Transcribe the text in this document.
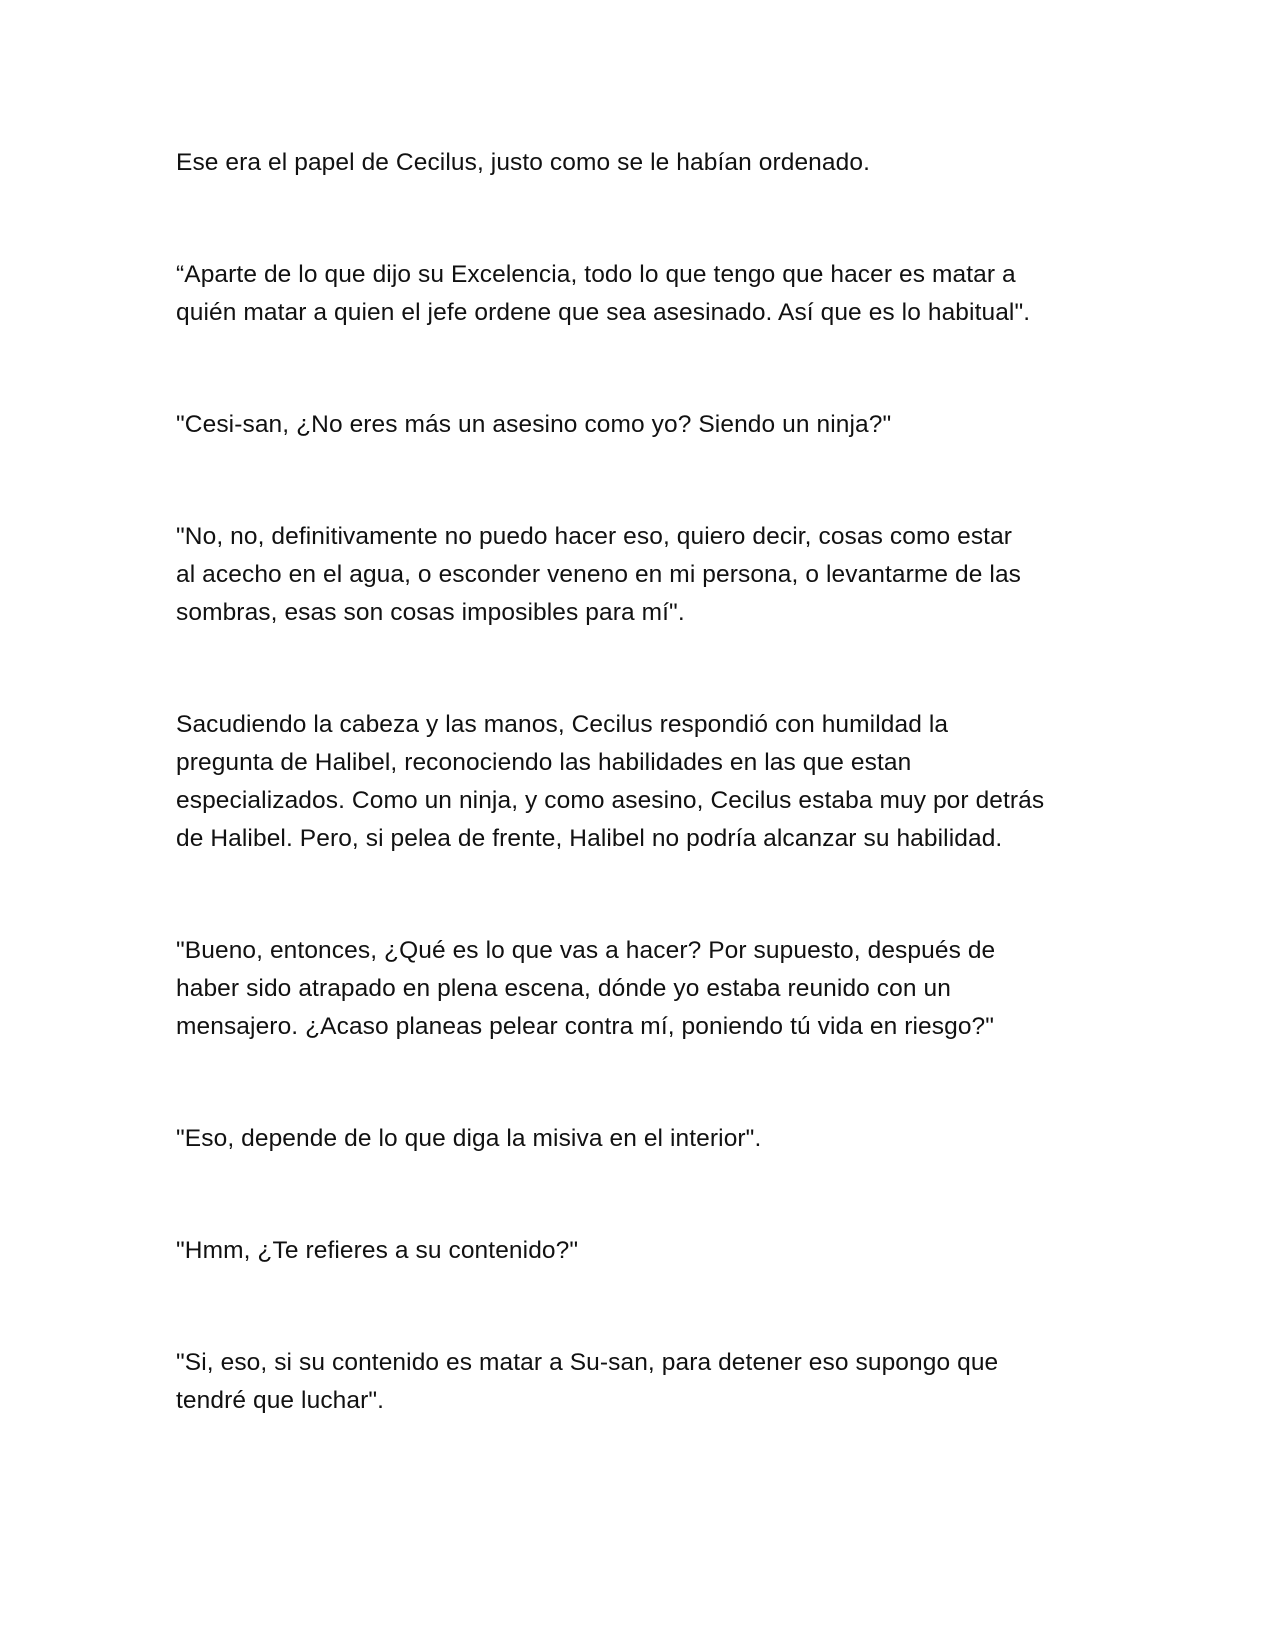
Ese era el papel de Cecilus, justo como se le habían ordenado.

“Aparte de lo que dijo su Excelencia, todo lo que tengo que hacer es matar a
quién matar a quien el jefe ordene que sea asesinado. Así que es lo habitual".

"Cesi-san, ¿No eres más un asesino como yo? Siendo un ninja?"

"No, no, definitivamente no puedo hacer eso, quiero decir, cosas como estar
al acecho en el agua, o esconder veneno en mi persona, o levantarme de las
sombras, esas son cosas imposibles para mí".

Sacudiendo la cabeza y las manos, Cecilus respondió con humildad la
pregunta de Halibel, reconociendo las habilidades en las que estan
especializados. Como un ninja, y como asesino, Cecilus estaba muy por detrás
de Halibel. Pero, si pelea de frente, Halibel no podría alcanzar su habilidad.

"Bueno, entonces, ¿Qué es lo que vas a hacer? Por supuesto, después de
haber sido atrapado en plena escena, dónde yo estaba reunido con un
mensajero. ¿Acaso planeas pelear contra mí, poniendo tú vida en riesgo?"

"Eso, depende de lo que diga la misiva en el interior".

"Hmm, ¿Te refieres a su contenido?"

"Si, eso, si su contenido es matar a Su-san, para detener eso supongo que
tendré que luchar".
